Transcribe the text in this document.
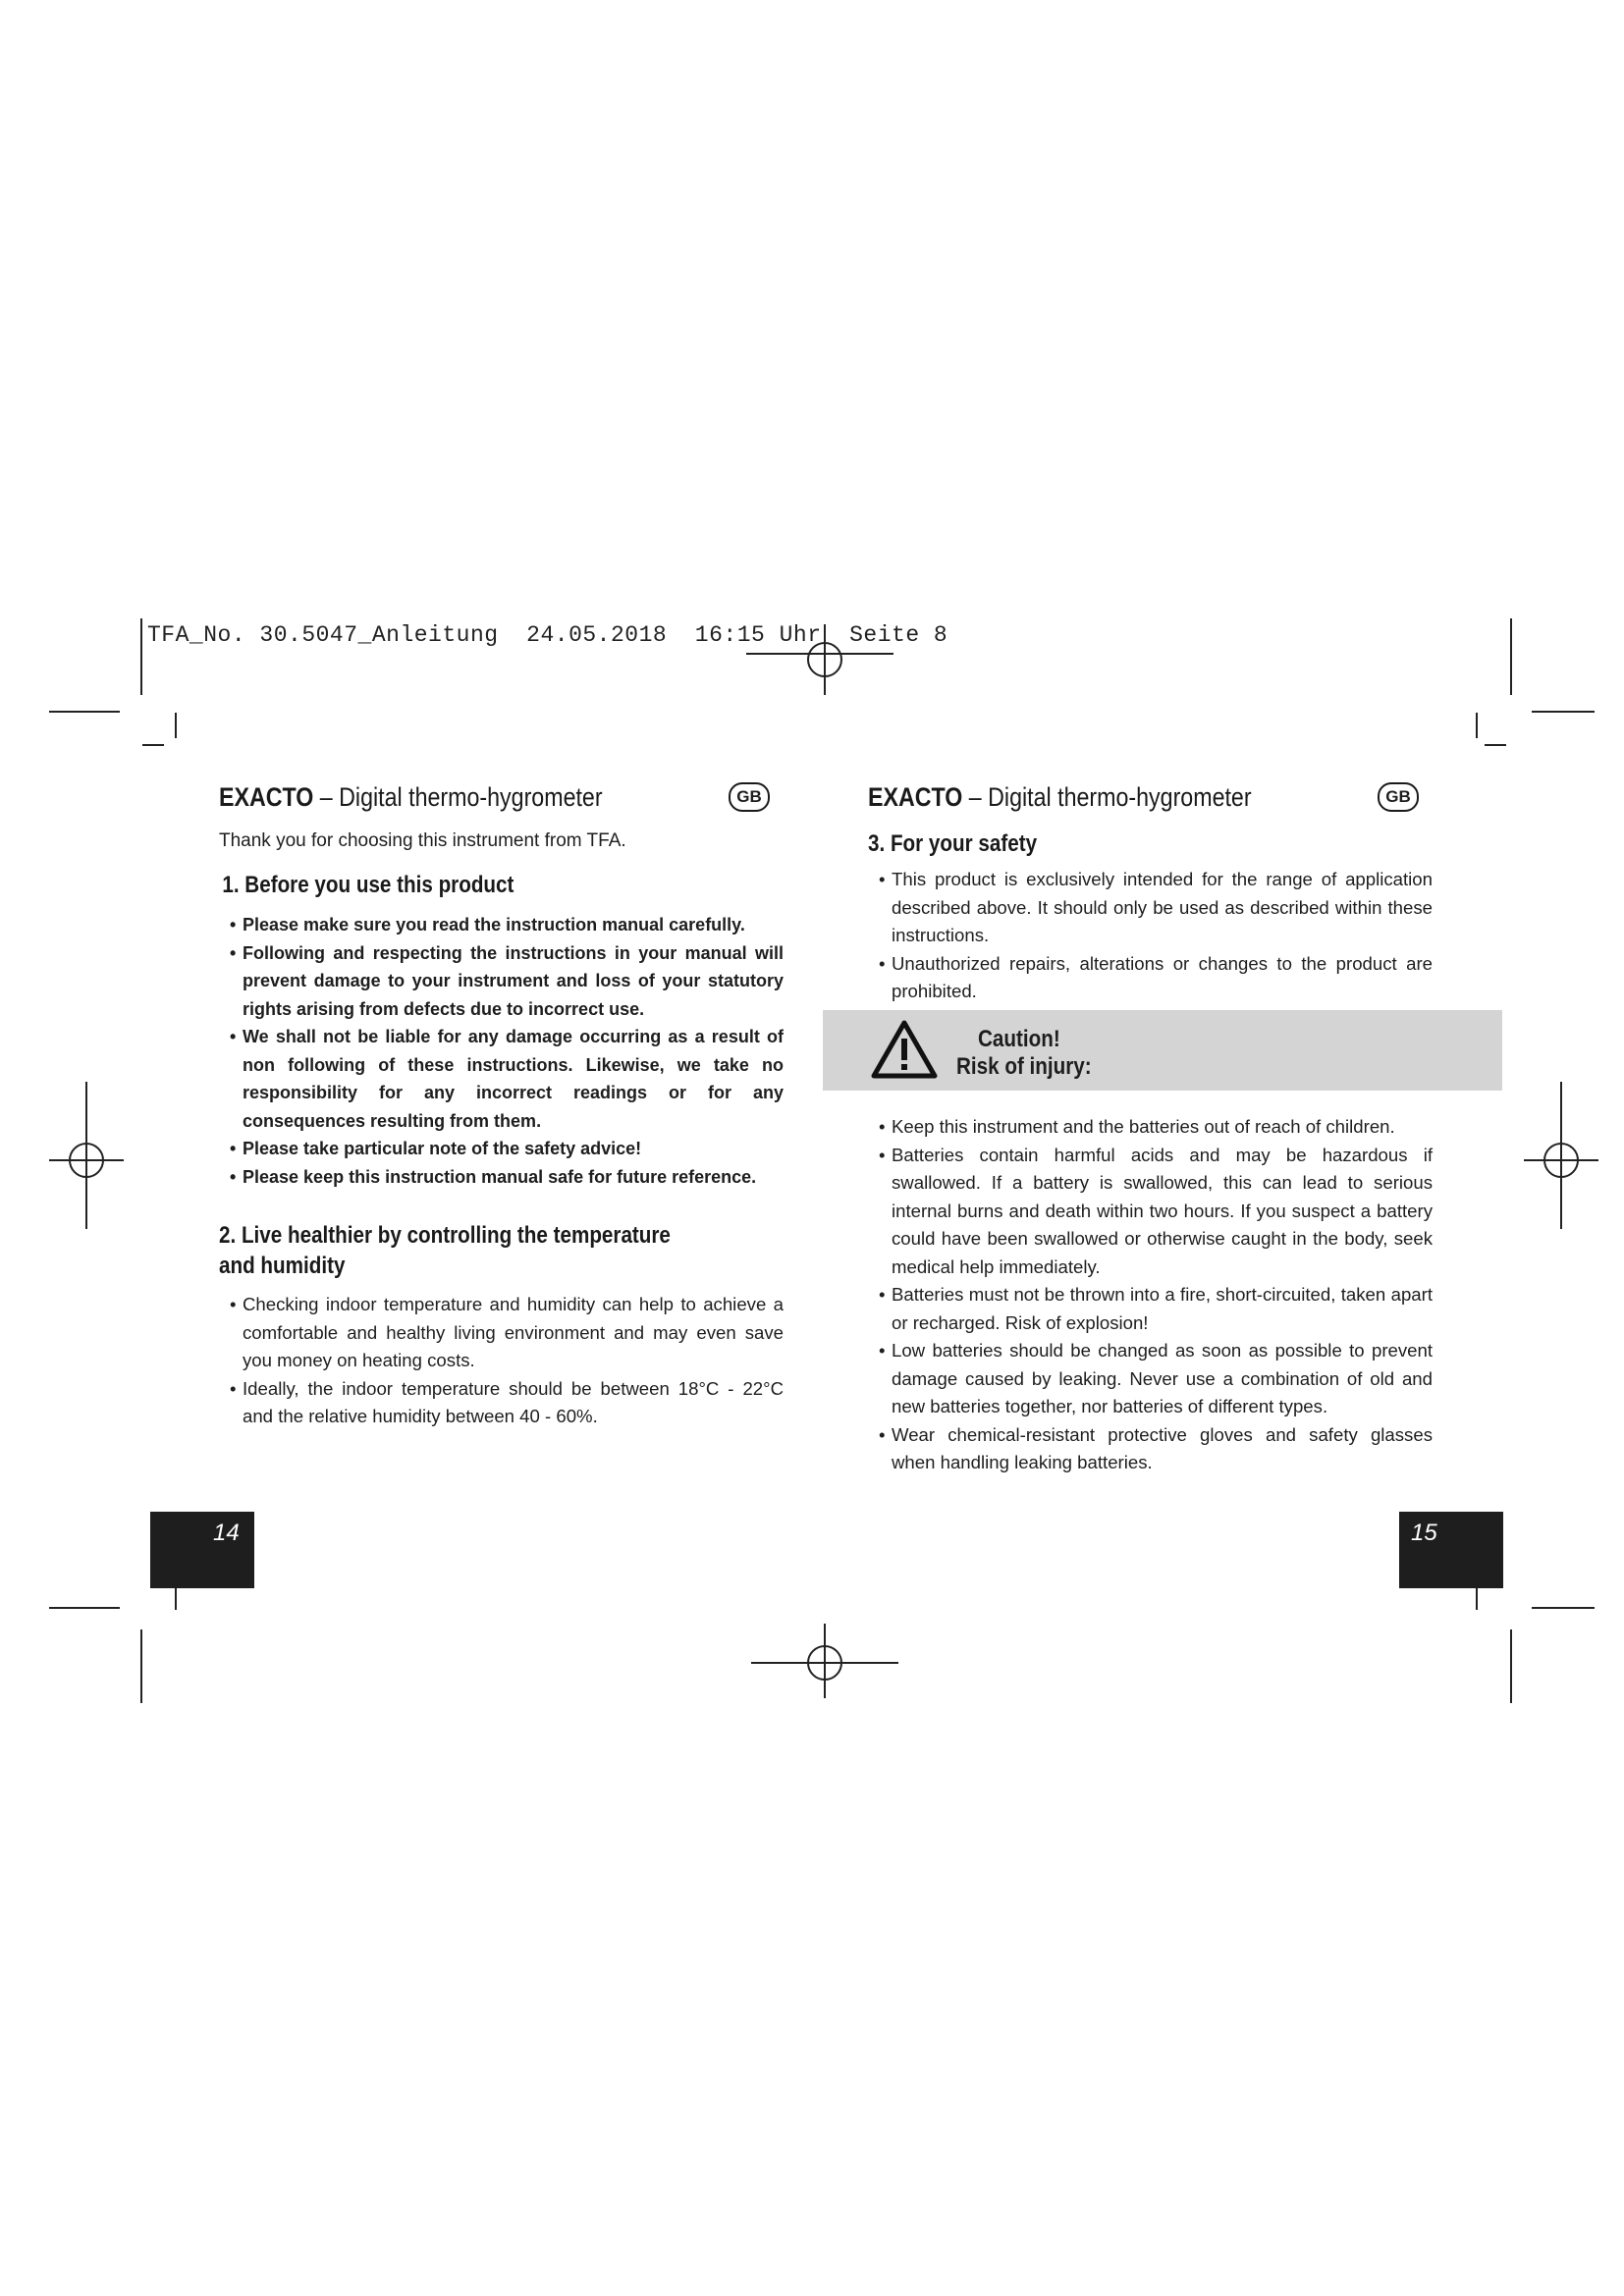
TFA_No. 30.5047_Anleitung  24.05.2018  16:15 Uhr  Seite 8
EXACTO – Digital thermo-hygrometer	GB
Thank you for choosing this instrument from TFA.
1. Before you use this product
• Please make sure you read the instruction manual carefully.
• Following and respecting the instructions in your manual will prevent damage to your instrument and loss of your statutory rights arising from defects due to incorrect use.
• We shall not be liable for any damage occurring as a result of non following of these instructions. Likewise, we take no responsibility for any incorrect readings or for any consequences resulting from them.
• Please take particular note of the safety advice!
• Please keep this instruction manual safe for future reference.
2. Live healthier by controlling the temperature and humidity
• Checking indoor temperature and humidity can help to achieve a comfortable and healthy living environment and may even save you money on heating costs.
• Ideally, the indoor temperature should be between 18°C - 22°C and the relative humidity between 40 - 60%.
EXACTO – Digital thermo-hygrometer	GB
3. For your safety
• This product is exclusively intended for the range of application described above. It should only be used as described within these instructions.
• Unauthorized repairs, alterations or changes to the product are prohibited.
Caution!
Risk of injury:
• Keep this instrument and the batteries out of reach of children.
• Batteries contain harmful acids and may be hazardous if swallowed. If a battery is swallowed, this can lead to serious internal burns and death within two hours. If you suspect a battery could have been swallowed or otherwise caught in the body, seek medical help immediately.
• Batteries must not be thrown into a fire, short-circuited, taken apart or recharged. Risk of explosion!
• Low batteries should be changed as soon as possible to prevent damage caused by leaking. Never use a combination of old and new batteries together, nor batteries of different types.
• Wear chemical-resistant protective gloves and safety glasses when handling leaking batteries.
14	15
